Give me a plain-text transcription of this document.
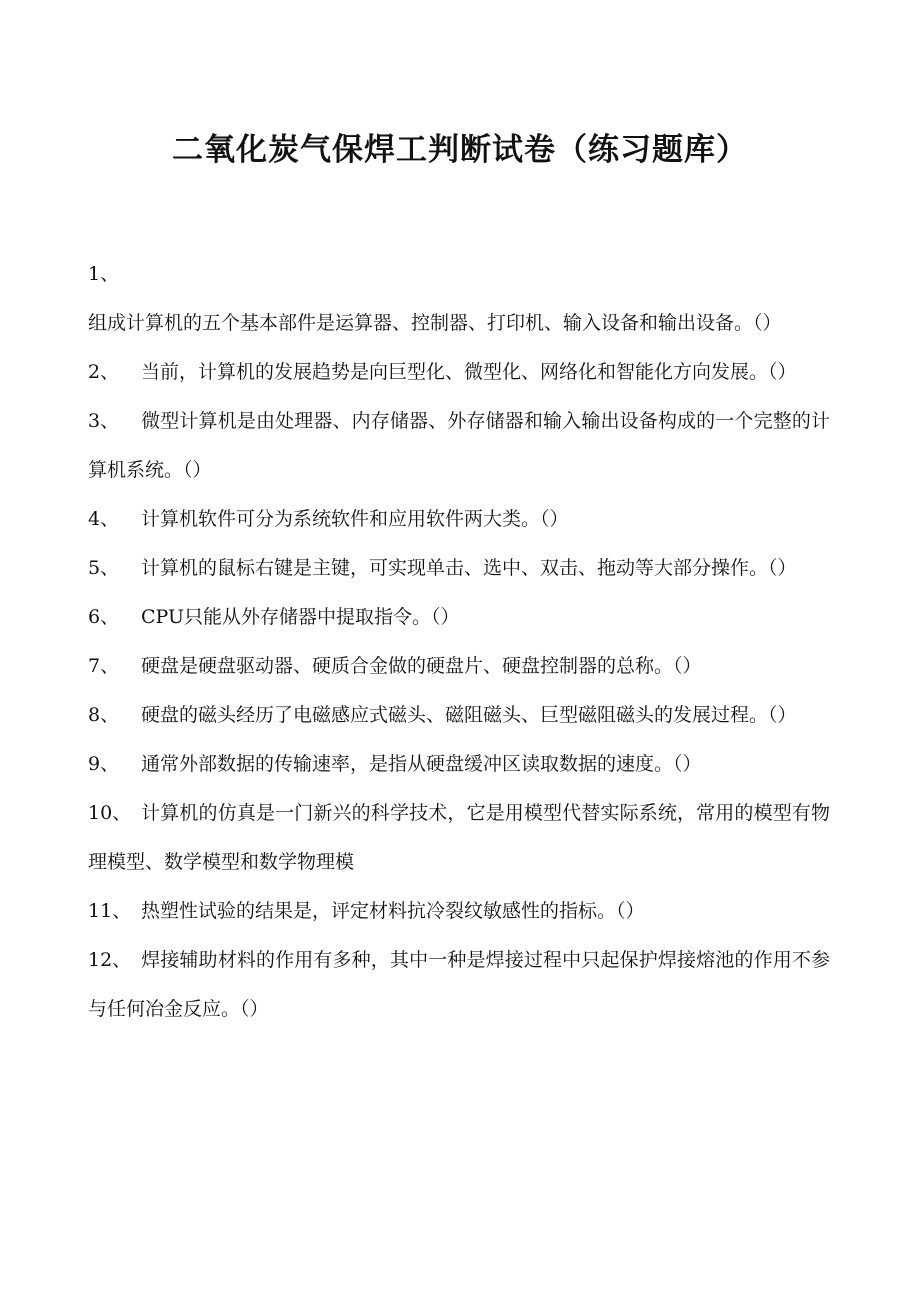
二氧化炭气保焊工判断试卷（练习题库）
1、组成计算机的五个基本部件是运算器、控制器、打印机、输入设备和输出设备。（）
2、 当前，计算机的发展趋势是向巨型化、微型化、网络化和智能化方向发展。（）
3、 微型计算机是由处理器、内存储器、外存储器和输入输出设备构成的一个完整的计算机系统。（）
4、 计算机软件可分为系统软件和应用软件两大类。（）
5、 计算机的鼠标右键是主键，可实现单击、选中、双击、拖动等大部分操作。（）
6、 CPU只能从外存储器中提取指令。（）
7、 硬盘是硬盘驱动器、硬质合金做的硬盘片、硬盘控制器的总称。（）
8、 硬盘的磁头经历了电磁感应式磁头、磁阻磁头、巨型磁阻磁头的发展过程。（）
9、 通常外部数据的传输速率，是指从硬盘缓冲区读取数据的速度。（）
10、 计算机的仿真是一门新兴的科学技术，它是用模型代替实际系统，常用的模型有物理模型、数学模型和数学物理模
11、 热塑性试验的结果是，评定材料抗冷裂纹敏感性的指标。（）
12、 焊接辅助材料的作用有多种，其中一种是焊接过程中只起保护焊接熔池的作用不参与任何冶金反应。（）
